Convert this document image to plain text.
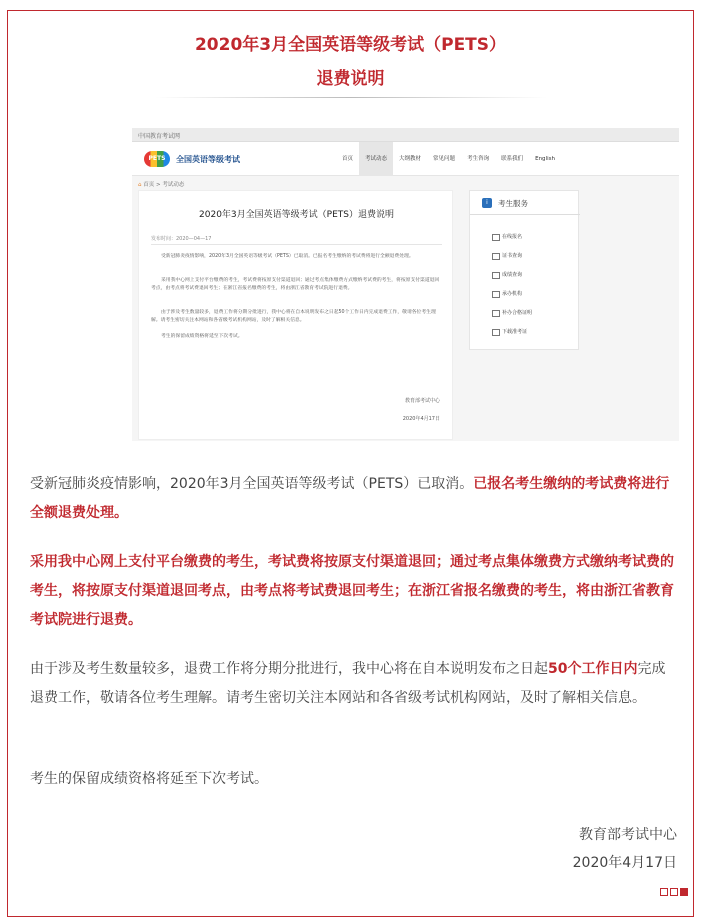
2020年3月全国英语等级考试（PETS）
退费说明
中国教育考试网
PETS	全国英语等级考试	首页	考试动态	大纲教材	常见问题	考生咨询	联系我们	English
⌂ 首页 > 考试动态
2020年3月全国英语等级考试（PETS）退费说明
发布时间：2020—04—17
受新冠肺炎疫情影响，2020年3月全国英语等级考试（PETS）已取消。已报名考生缴纳的考试费将进行全额退费处理。
采用我中心网上支付平台缴费的考生，考试费将按原支付渠道退回；通过考点集体缴费方式缴纳考试费的考生，将按原支付渠道退回考点，由考点将考试费退回考生；在浙江省报名缴费的考生，将由浙江省教育考试院进行退费。
由于涉及考生数量较多，退费工作将分期分批进行，我中心将在自本说明发布之日起50个工作日内完成退费工作，敬请各位考生理解。请考生密切关注本网站和各省级考试机构网站，及时了解相关信息。
考生的保留成绩资格将延至下次考试。
教育部考试中心
2020年4月17日
i	考生服务
在线报名
证书查询
成绩查询
承办机构
补办合格证明
下载准考证
受新冠肺炎疫情影响，2020年3月全国英语等级考试（PETS）已取消。已报名考生缴纳的考试费将进行全额退费处理。
采用我中心网上支付平台缴费的考生，考试费将按原支付渠道退回；通过考点集体缴费方式缴纳考试费的考生，将按原支付渠道退回考点，由考点将考试费退回考生；在浙江省报名缴费的考生，将由浙江省教育考试院进行退费。
由于涉及考生数量较多，退费工作将分期分批进行，我中心将在自本说明发布之日起50个工作日内完成退费工作，敬请各位考生理解。请考生密切关注本网站和各省级考试机构网站，及时了解相关信息。
考生的保留成绩资格将延至下次考试。
教育部考试中心
2020年4月17日
